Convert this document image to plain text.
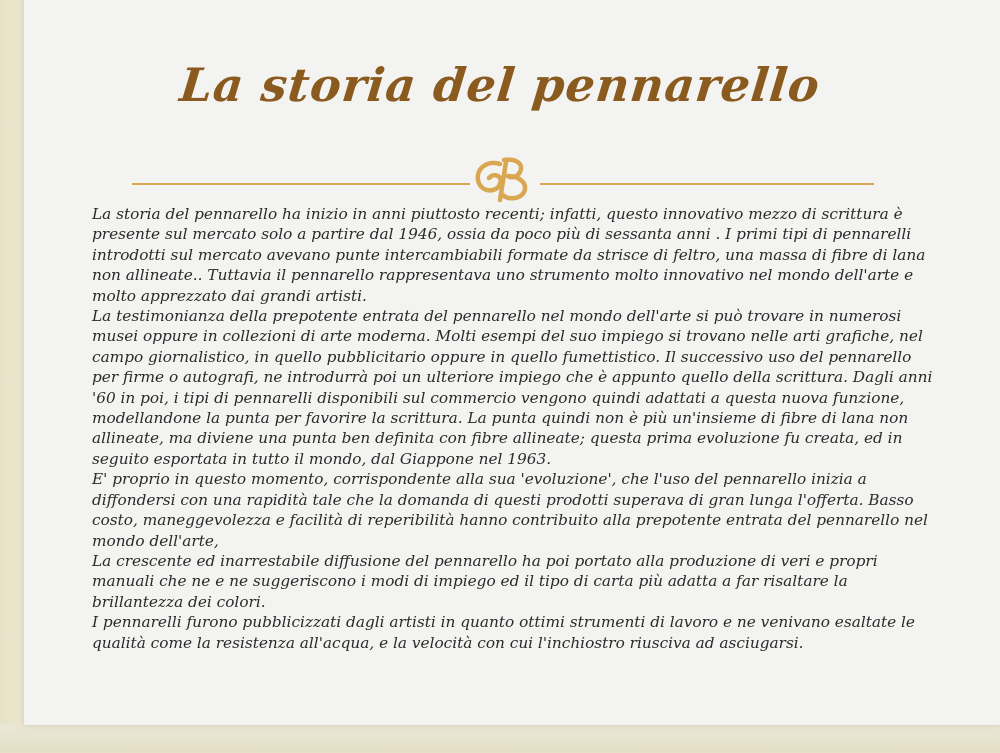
La storia del pennarello

La storia del pennarello ha inizio in anni piuttosto recenti; infatti, questo innovativo mezzo di scrittura è presente sul mercato solo a partire dal 1946, ossia da poco più di sessanta anni . I primi tipi di pennarelli introdotti sul mercato avevano punte intercambiabili formate da strisce di feltro, una massa di fibre di lana non allineate.. Tuttavia il pennarello rappresentava uno strumento molto innovativo nel mondo dell'arte e molto apprezzato dai grandi artisti.

La testimonianza della prepotente entrata del pennarello nel mondo dell'arte si può trovare in numerosi musei oppure in collezioni di arte moderna. Molti esempi del suo impiego si trovano nelle arti grafiche, nel campo giornalistico, in quello pubblicitario oppure in quello fumettistico. Il successivo uso del pennarello per firme o autografi, ne introdurrà poi un ulteriore impiego che è appunto quello della scrittura. Dagli anni '60 in poi, i tipi di pennarelli disponibili sul commercio vengono quindi adattati a questa nuova funzione, modellandone la punta per favorire la scrittura. La punta quindi non è più un'insieme di fibre di lana non allineate, ma diviene una punta ben definita con fibre allineate; questa prima evoluzione fu creata, ed in seguito esportata in tutto il mondo, dal Giappone nel 1963.

E' proprio in questo momento, corrispondente alla sua 'evoluzione', che l'uso del pennarello inizia a diffondersi con una rapidità tale che la domanda di questi prodotti superava di gran lunga l'offerta. Basso costo, maneggevolezza e facilità di reperibilità hanno contribuito alla prepotente entrata del pennarello nel mondo dell'arte,

La crescente ed inarrestabile diffusione del pennarello ha poi portato alla produzione di veri e propri manuali che ne e ne suggeriscono i modi di impiego ed il tipo di carta più adatta a far risaltare la brillantezza dei colori.

I pennarelli furono pubblicizzati dagli artisti in quanto ottimi strumenti di lavoro e ne venivano esaltate le qualità come la resistenza all'acqua, e la velocità con cui l'inchiostro riusciva ad asciugarsi.
